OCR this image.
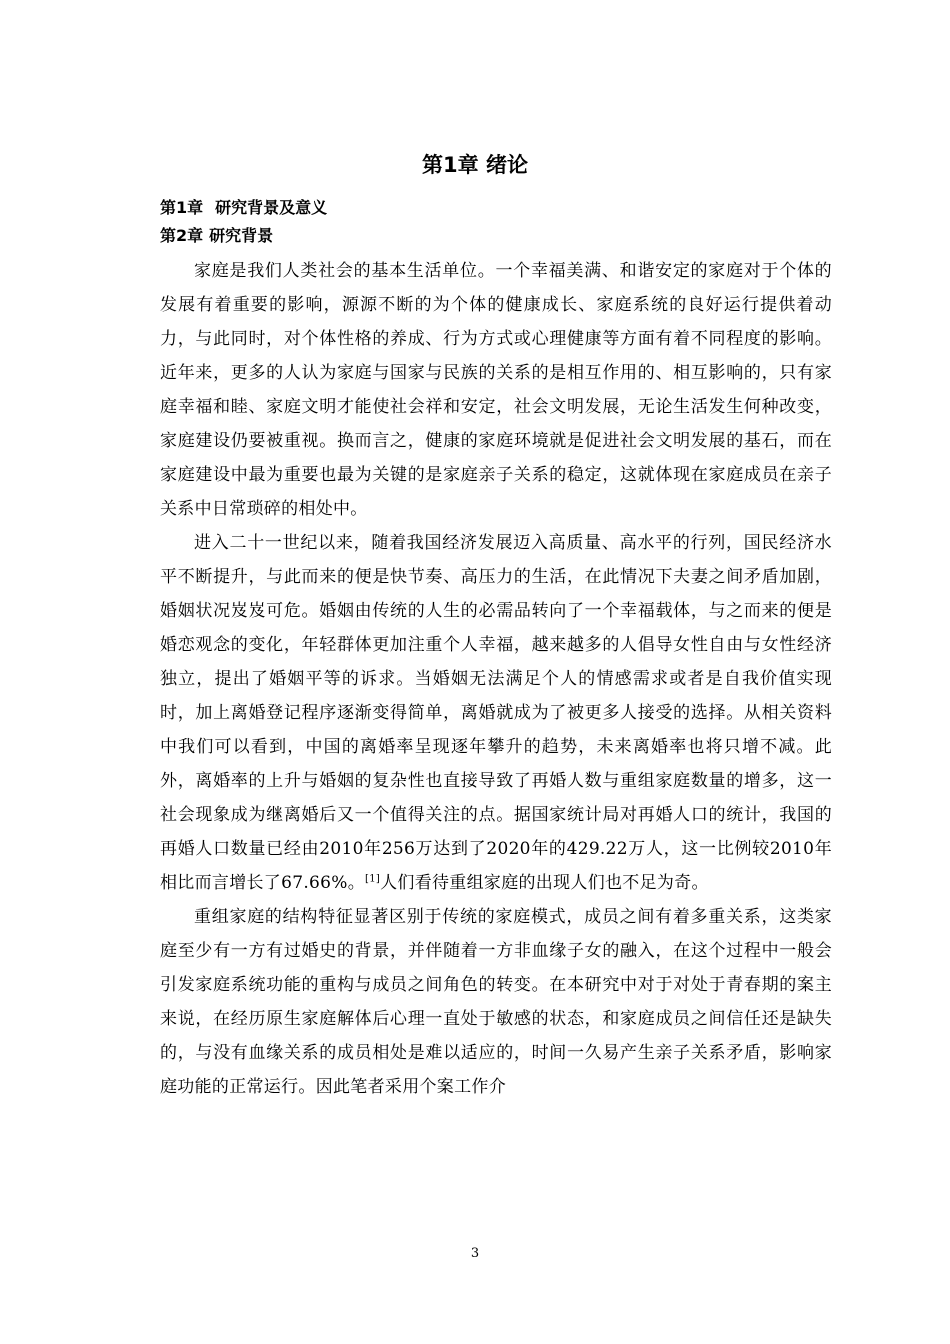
第1章 绪论
第1章 研究背景及意义
第2章 研究背景

家庭是我们人类社会的基本生活单位。一个幸福美满、和谐安定的家庭对于个体的发展有着重要的影响，源源不断的为个体的健康成长、家庭系统的良好运行提供着动力，与此同时，对个体性格的养成、行为方式或心理健康等方面有着不同程度的影响。近年来，更多的人认为家庭与国家与民族的关系的是相互作用的、相互影响的，只有家庭幸福和睦、家庭文明才能使社会祥和安定，社会文明发展，无论生活发生何种改变，家庭建设仍要被重视。换而言之，健康的家庭环境就是促进社会文明发展的基石，而在家庭建设中最为重要也最为关键的是家庭亲子关系的稳定，这就体现在家庭成员在亲子关系中日常琐碎的相处中。

进入二十一世纪以来，随着我国经济发展迈入高质量、高水平的行列，国民经济水平不断提升，与此而来的便是快节奏、高压力的生活，在此情况下夫妻之间矛盾加剧，婚姻状况岌岌可危。婚姻由传统的人生的必需品转向了一个幸福载体，与之而来的便是婚恋观念的变化，年轻群体更加注重个人幸福，越来越多的人倡导女性自由与女性经济独立，提出了婚姻平等的诉求。当婚姻无法满足个人的情感需求或者是自我价值实现时，加上离婚登记程序逐渐变得简单，离婚就成为了被更多人接受的选择。从相关资料中我们可以看到，中国的离婚率呈现逐年攀升的趋势，未来离婚率也将只增不减。此外，离婚率的上升与婚姻的复杂性也直接导致了再婚人数与重组家庭数量的增多，这一社会现象成为继离婚后又一个值得关注的点。据国家统计局对再婚人口的统计，我国的再婚人口数量已经由2010年256万达到了2020年的429.22万人，这一比例较2010年相比而言增长了67.66%。[1]人们看待重组家庭的出现人们也不足为奇。

重组家庭的结构特征显著区别于传统的家庭模式，成员之间有着多重关系，这类家庭至少有一方有过婚史的背景，并伴随着一方非血缘子女的融入，在这个过程中一般会引发家庭系统功能的重构与成员之间角色的转变。在本研究中对于对处于青春期的案主来说，在经历原生家庭解体后心理一直处于敏感的状态，和家庭成员之间信任还是缺失的，与没有血缘关系的成员相处是难以适应的，时间一久易产生亲子关系矛盾，影响家庭功能的正常运行。因此笔者采用个案工作介

3
